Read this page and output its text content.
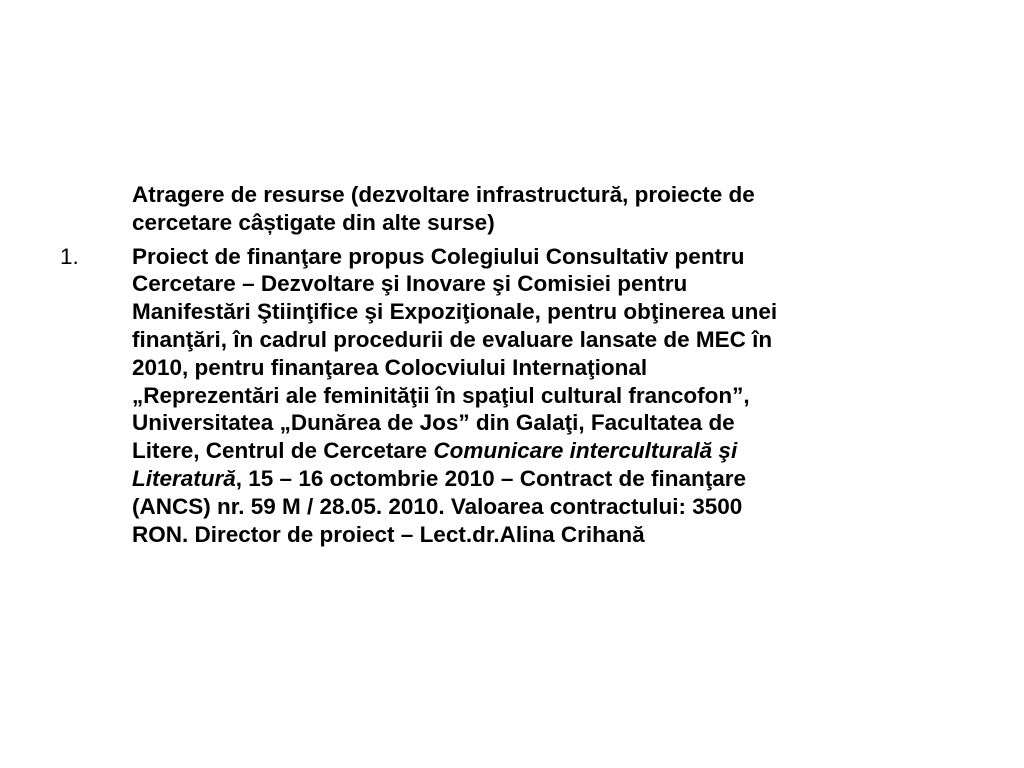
Atragere de resurse (dezvoltare infrastructură, proiecte de
cercetare câștigate din alte surse)
1. Proiect de finanţare propus Colegiului Consultativ pentru
Cercetare – Dezvoltare şi Inovare şi Comisiei pentru
Manifestări Ştiinţifice şi Expoziţionale, pentru obţinerea unei
finanţări, în cadrul procedurii de evaluare lansate de MEC în
2010, pentru finanţarea Colocviului Internaţional
„Reprezentări ale feminităţii în spaţiul cultural francofon”,
Universitatea „Dunărea de Jos” din Galaţi, Facultatea de
Litere, Centrul de Cercetare Comunicare interculturală şi
Literatură, 15 – 16 octombrie 2010 – Contract de finanţare
(ANCS) nr. 59 M / 28.05. 2010. Valoarea contractului: 3500
RON. Director de proiect – Lect.dr.Alina Crihană
